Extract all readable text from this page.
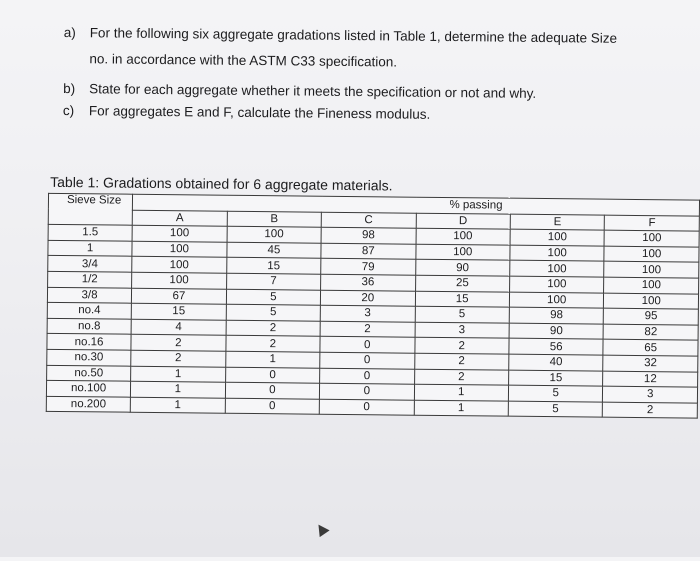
a) For the following six aggregate gradations listed in Table 1, determine the adequate Size
no. in accordance with the ASTM C33 specification.
b) State for each aggregate whether it meets the specification or not and why.
c) For aggregates E and F, calculate the Fineness modulus.
Table 1: Gradations obtained for 6 aggregate materials.
Sieve Size	% passing					
	A	B	C	D	E	F
1.5	100	100	98	100	100	100
1	100	45	87	100	100	100
3/4	100	15	79	90	100	100
1/2	100	7	36	25	100	100
3/8	67	5	20	15	100	100
no.4	15	5	3	5	98	95
no.8	4	2	2	3	90	82
no.16	2	2	0	2	56	65
no.30	2	1	0	2	40	32
no.50	1	0	0	2	15	12
no.100	1	0	0	1	5	3
no.200	1	0	0	1	5	2
